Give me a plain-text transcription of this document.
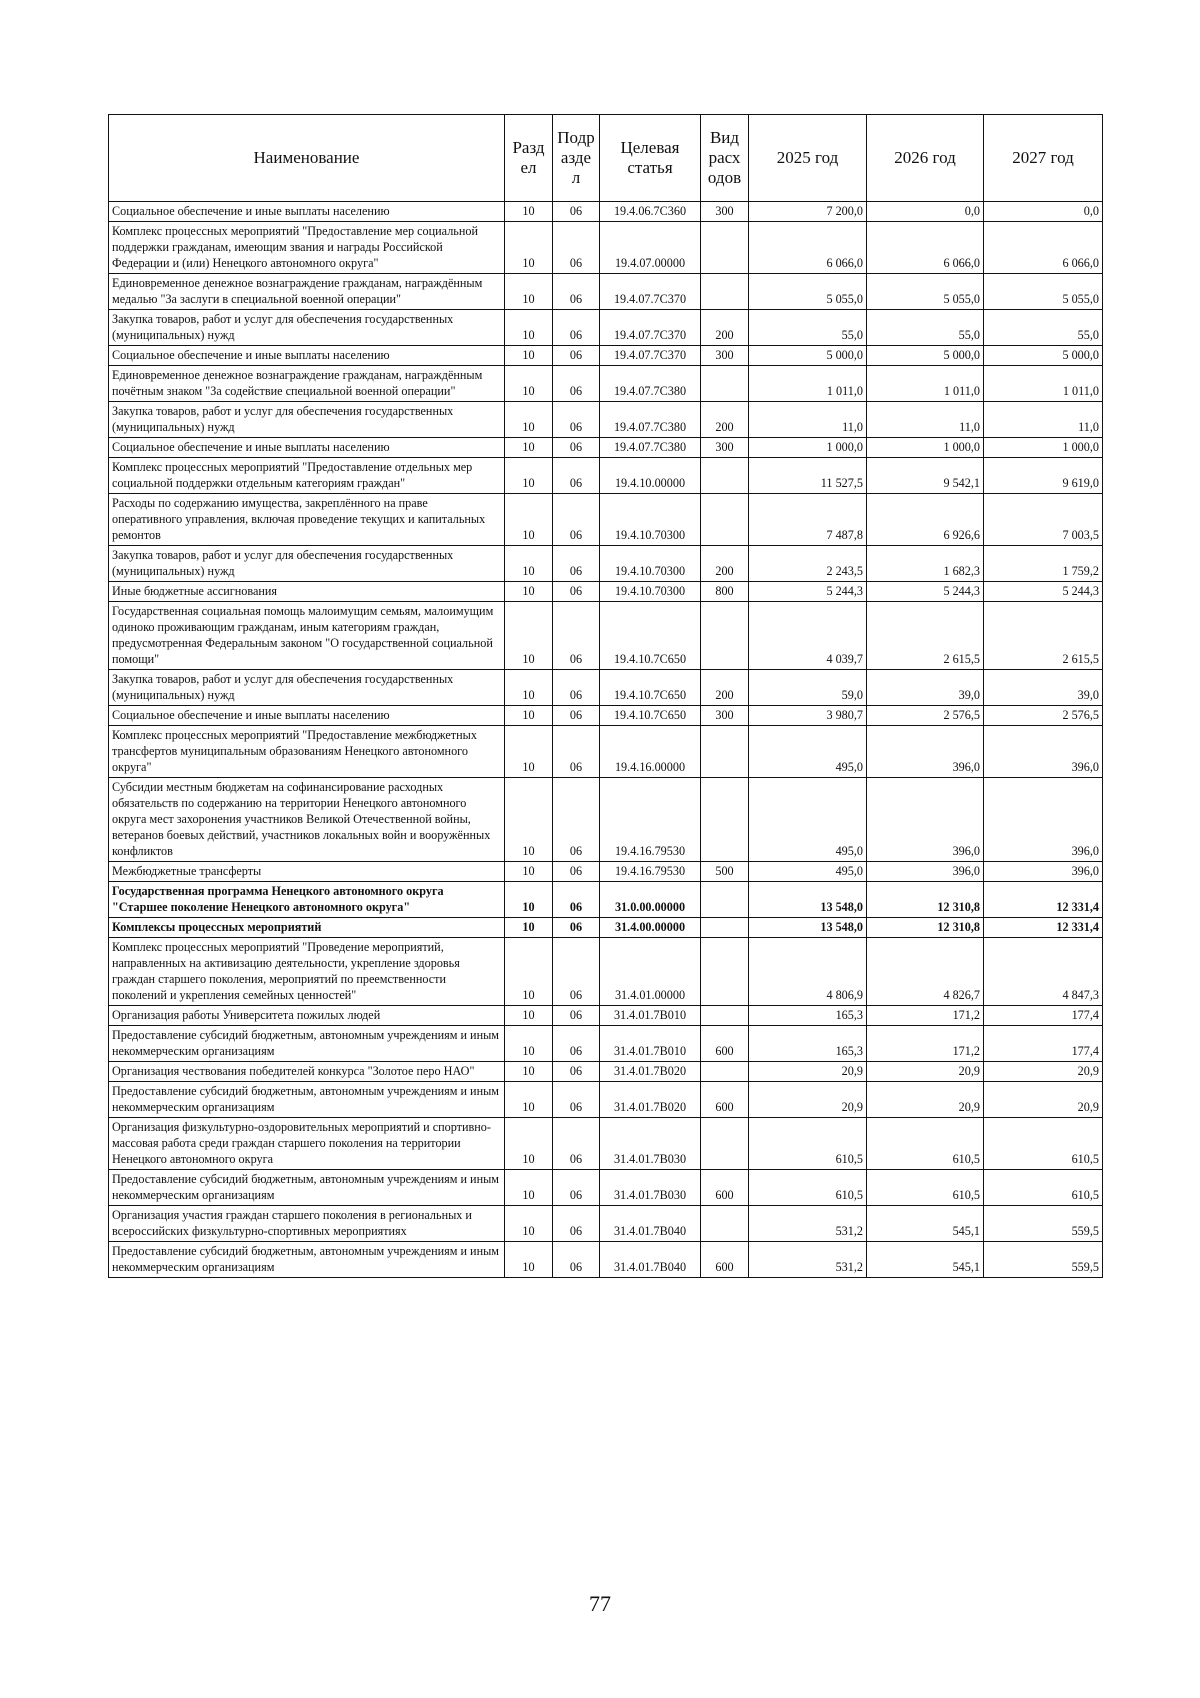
Наименование	Разд ел	Подр азде л	Целевая статья	Вид расх одов	2025 год	2026 год	2027 год
Социальное обеспечение и иные выплаты населению	10	06	19.4.06.7С360	300	7 200,0	0,0	0,0
Комплекс процессных мероприятий "Предоставление мер социальной поддержки гражданам, имеющим звания и награды Российской Федерации и (или) Ненецкого автономного округа"	10	06	19.4.07.00000		6 066,0	6 066,0	6 066,0
Единовременное денежное вознаграждение гражданам, награждённым медалью "За заслуги в специальной военной операции"	10	06	19.4.07.7С370		5 055,0	5 055,0	5 055,0
Закупка товаров, работ и услуг для обеспечения государственных (муниципальных) нужд	10	06	19.4.07.7С370	200	55,0	55,0	55,0
Социальное обеспечение и иные выплаты населению	10	06	19.4.07.7С370	300	5 000,0	5 000,0	5 000,0
Единовременное денежное вознаграждение гражданам, награждённым почётным знаком "За содействие специальной военной операции"	10	06	19.4.07.7С380		1 011,0	1 011,0	1 011,0
Закупка товаров, работ и услуг для обеспечения государственных (муниципальных) нужд	10	06	19.4.07.7С380	200	11,0	11,0	11,0
Социальное обеспечение и иные выплаты населению	10	06	19.4.07.7С380	300	1 000,0	1 000,0	1 000,0
Комплекс процессных мероприятий "Предоставление отдельных мер социальной поддержки отдельным категориям граждан"	10	06	19.4.10.00000		11 527,5	9 542,1	9 619,0
Расходы по содержанию имущества, закреплённого на праве оперативного управления, включая проведение текущих и капитальных ремонтов	10	06	19.4.10.70300		7 487,8	6 926,6	7 003,5
Закупка товаров, работ и услуг для обеспечения государственных (муниципальных) нужд	10	06	19.4.10.70300	200	2 243,5	1 682,3	1 759,2
Иные бюджетные ассигнования	10	06	19.4.10.70300	800	5 244,3	5 244,3	5 244,3
Государственная социальная помощь малоимущим семьям, малоимущим одиноко проживающим гражданам, иным категориям граждан, предусмотренная Федеральным законом "О государственной социальной помощи"	10	06	19.4.10.7С650		4 039,7	2 615,5	2 615,5
Закупка товаров, работ и услуг для обеспечения государственных (муниципальных) нужд	10	06	19.4.10.7С650	200	59,0	39,0	39,0
Социальное обеспечение и иные выплаты населению	10	06	19.4.10.7С650	300	3 980,7	2 576,5	2 576,5
Комплекс процессных мероприятий "Предоставление межбюджетных трансфертов муниципальным образованиям Ненецкого автономного округа"	10	06	19.4.16.00000		495,0	396,0	396,0
Субсидии местным бюджетам на софинансирование расходных обязательств по содержанию на территории Ненецкого автономного округа мест захоронения участников Великой Отечественной войны, ветеранов боевых действий, участников локальных войн и вооружённых конфликтов	10	06	19.4.16.79530		495,0	396,0	396,0
Межбюджетные трансферты	10	06	19.4.16.79530	500	495,0	396,0	396,0
Государственная программа Ненецкого автономного округа "Старшее поколение Ненецкого автономного округа"	10	06	31.0.00.00000		13 548,0	12 310,8	12 331,4
Комплексы процессных мероприятий	10	06	31.4.00.00000		13 548,0	12 310,8	12 331,4
Комплекс процессных мероприятий "Проведение мероприятий, направленных на активизацию деятельности, укрепление здоровья граждан старшего поколения, мероприятий по преемственности поколений и укрепления семейных ценностей"	10	06	31.4.01.00000		4 806,9	4 826,7	4 847,3
Организация работы Университета пожилых людей	10	06	31.4.01.7В010		165,3	171,2	177,4
Предоставление субсидий бюджетным, автономным учреждениям и иным некоммерческим организациям	10	06	31.4.01.7В010	600	165,3	171,2	177,4
Организация чествования победителей конкурса "Золотое перо НАО"	10	06	31.4.01.7В020		20,9	20,9	20,9
Предоставление субсидий бюджетным, автономным учреждениям и иным некоммерческим организациям	10	06	31.4.01.7В020	600	20,9	20,9	20,9
Организация физкультурно-оздоровительных мероприятий и спортивно-массовая работа среди граждан старшего поколения на территории Ненецкого автономного округа	10	06	31.4.01.7В030		610,5	610,5	610,5
Предоставление субсидий бюджетным, автономным учреждениям и иным некоммерческим организациям	10	06	31.4.01.7В030	600	610,5	610,5	610,5
Организация участия граждан старшего поколения в региональных и всероссийских физкультурно-спортивных мероприятиях	10	06	31.4.01.7В040		531,2	545,1	559,5
Предоставление субсидий бюджетным, автономным учреждениям и иным некоммерческим организациям	10	06	31.4.01.7В040	600	531,2	545,1	559,5
77
